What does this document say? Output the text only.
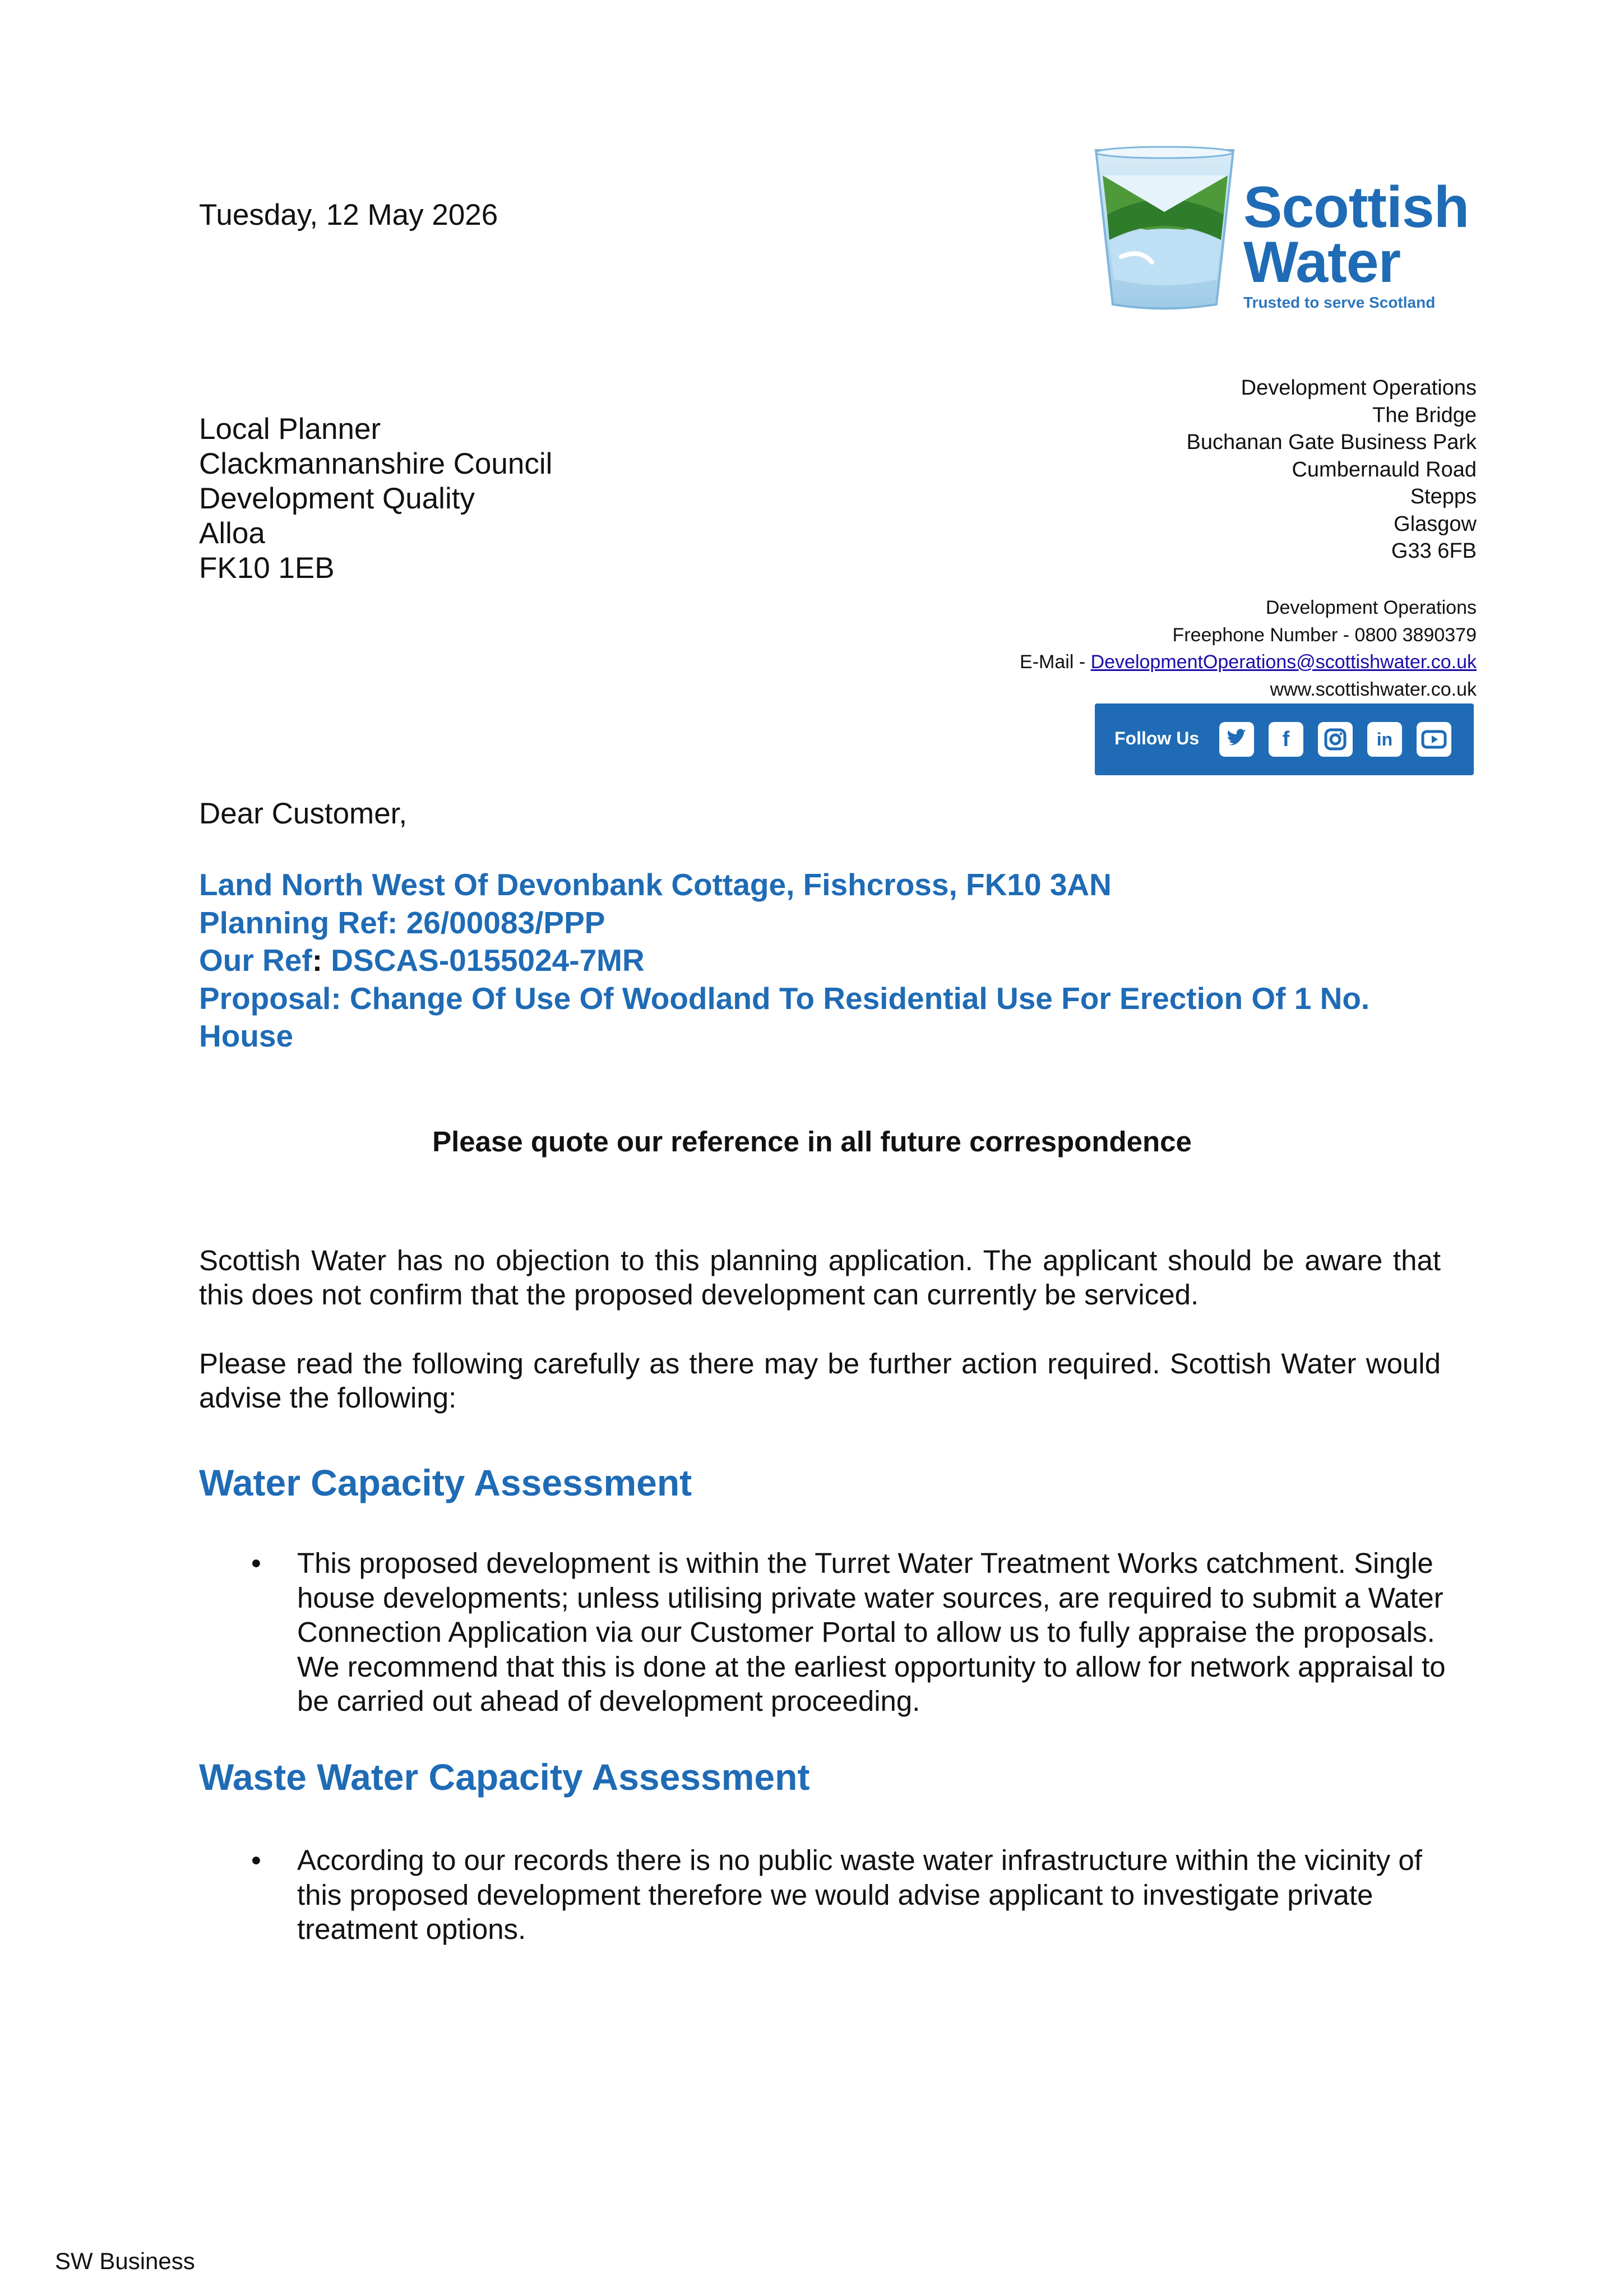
Tuesday, 12 May 2026	Scottish
Water
Trusted to serve Scotland
Local Planner
Clackmannanshire Council
Development Quality
Alloa
FK10 1EB
Development Operations
The Bridge
Buchanan Gate Business Park
Cumbernauld Road
Stepps
Glasgow
G33 6FB
Development Operations
Freephone Number - 0800 3890379
E-Mail - DevelopmentOperations@scottishwater.co.uk
www.scottishwater.co.uk
Follow Us	f	in
Dear Customer,
Land North West Of Devonbank Cottage, Fishcross, FK10 3AN
Planning Ref: 26/00083/PPP
Our Ref: DSCAS-0155024-7MR
Proposal: Change Of Use Of Woodland To Residential Use For Erection Of 1 No. House
Please quote our reference in all future correspondence
Scottish Water has no objection to this planning application. The applicant should be aware that this does not confirm that the proposed development can currently be serviced.
Please read the following carefully as there may be further action required. Scottish Water would advise the following:
Water Capacity Assessment
• This proposed development is within the Turret Water Treatment Works catchment. Single house developments; unless utilising private water sources, are required to submit a Water Connection Application via our Customer Portal to allow us to fully appraise the proposals. We recommend that this is done at the earliest opportunity to allow for network appraisal to be carried out ahead of development proceeding.
Waste Water Capacity Assessment
• According to our records there is no public waste water infrastructure within the vicinity of this proposed development therefore we would advise applicant to investigate private treatment options.
SW Business
